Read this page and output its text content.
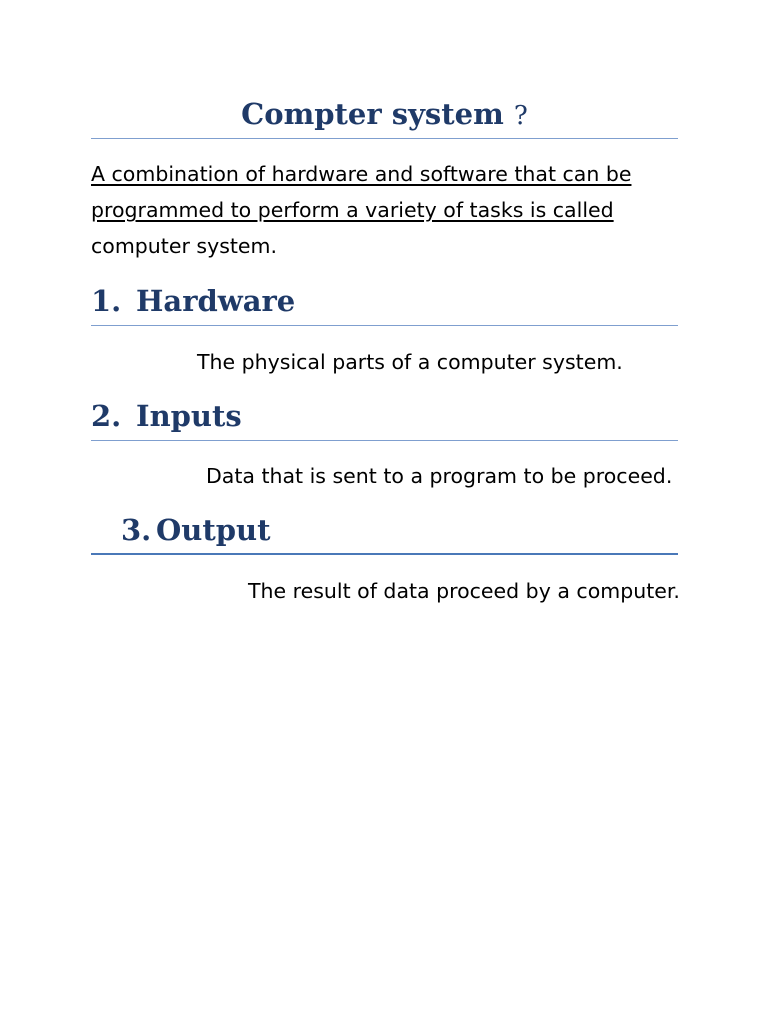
Compter system ?
A combination of hardware and software that can be
programmed to perform a variety of tasks is called
computer system.
1. Hardware
The physical parts of a computer system.
2. Inputs
Data that is sent to a program to be proceed.
3. Output
The result of data proceed by a computer.
